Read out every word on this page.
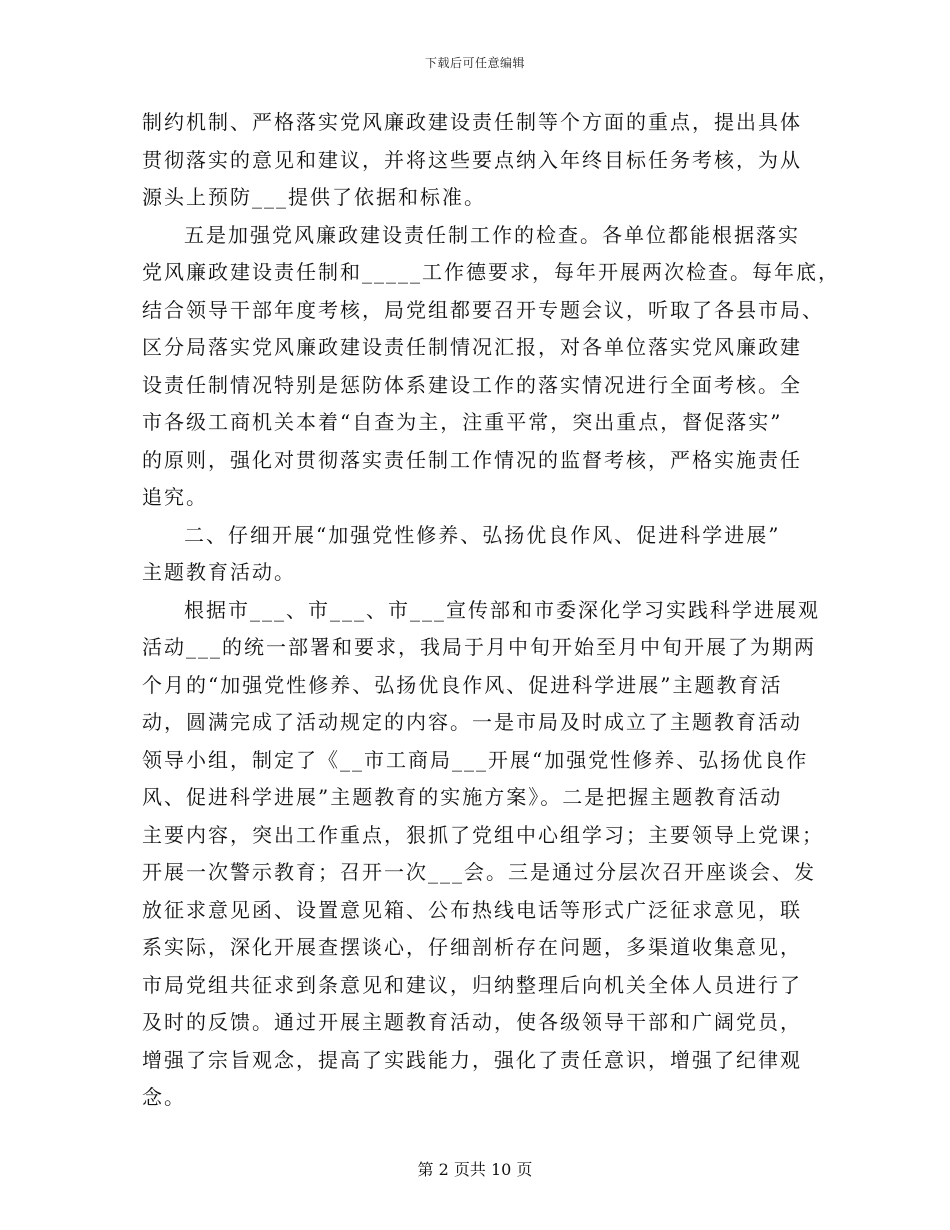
下载后可任意编辑
制约机制、严格落实党风廉政建设责任制等个方面的重点，提出具体
贯彻落实的意见和建议，并将这些要点纳入年终目标任务考核，为从
源头上预防___提供了依据和标准。
五是加强党风廉政建设责任制工作的检查。各单位都能根据落实
党风廉政建设责任制和_____工作德要求，每年开展两次检查。每年底，
结合领导干部年度考核，局党组都要召开专题会议，听取了各县市局、
区分局落实党风廉政建设责任制情况汇报，对各单位落实党风廉政建
设责任制情况特别是惩防体系建设工作的落实情况进行全面考核。全
市各级工商机关本着“自查为主，注重平常，突出重点，督促落实”
的原则，强化对贯彻落实责任制工作情况的监督考核，严格实施责任
追究。
二、仔细开展“加强党性修养、弘扬优良作风、促进科学进展”
主题教育活动。
根据市___、市___、市___宣传部和市委深化学习实践科学进展观
活动___的统一部署和要求，我局于月中旬开始至月中旬开展了为期两
个月的“加强党性修养、弘扬优良作风、促进科学进展”主题教育活
动，圆满完成了活动规定的内容。一是市局及时成立了主题教育活动
领导小组，制定了《__市工商局___开展“加强党性修养、弘扬优良作
风、促进科学进展”主题教育的实施方案》。二是把握主题教育活动
主要内容，突出工作重点，狠抓了党组中心组学习；主要领导上党课；
开展一次警示教育；召开一次___会。三是通过分层次召开座谈会、发
放征求意见函、设置意见箱、公布热线电话等形式广泛征求意见，联
系实际，深化开展查摆谈心，仔细剖析存在问题，多渠道收集意见，
市局党组共征求到条意见和建议，归纳整理后向机关全体人员进行了
及时的反馈。通过开展主题教育活动，使各级领导干部和广阔党员，
增强了宗旨观念，提高了实践能力，强化了责任意识，增强了纪律观
念。
第 2 页共 10 页
